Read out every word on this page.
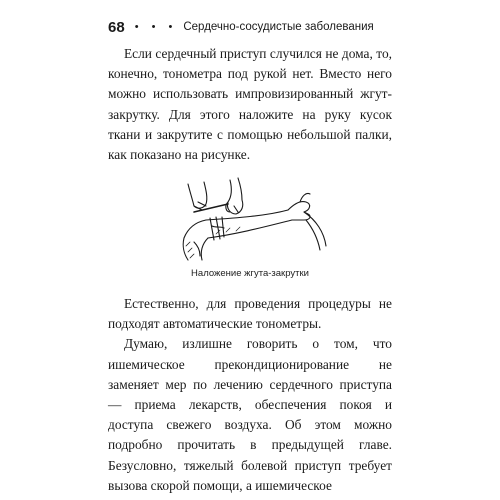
68 • • • Сердечно-сосудистые заболевания

Если сердечный приступ случился не дома, то, конечно, тонометра под рукой нет. Вместо него можно использовать импровизированный жгут-закрутку. Для этого наложите на руку кусок ткани и закрутите с помощью небольшой палки, как показано на рисунке.

Наложение жгута-закрутки

Естественно, для проведения процедуры не подходят автоматические тонометры.

Думаю, излишне говорить о том, что ишемическое прекондиционирование не заменяет мер по лечению сердечного приступа — приема лекарств, обеспечения покоя и доступа свежего воздуха. Об этом можно подробно прочитать в предыдущей главе. Безусловно, тяжелый болевой приступ требует вызова скорой помощи, а ишемическое
